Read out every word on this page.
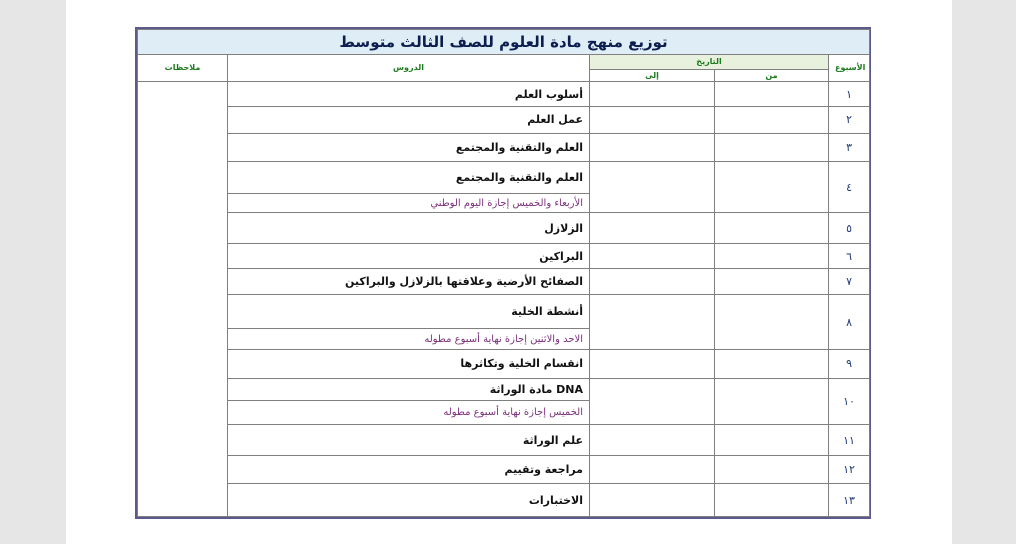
توزيع منهج مادة العلوم للصف الثالث متوسط				
ملاحظات	الدروس	التاريخ		الأسبوع
		إلى	من	
	أسلوب العلم			١
	عمل العلم			٢
	العلم والتقنية والمجتمع			٣
	العلم والتقنية والمجتمع			٤
	الأربعاء والخميس إجازة اليوم الوطني			
	الزلازل			٥
	البراكين			٦
	الصفائح الأرضية وعلاقتها بالزلازل والبراكين			٧
	أنشطة الخلية			٨
	الاحد والاثنين إجازة نهاية أسبوع مطوله			
	انقسام الخلية وتكاثرها			٩
	مادة الوراثة DNA			١٠
	الخميس إجازة نهاية أسبوع مطوله			
	علم الوراثة			١١
	مراجعة وتقييم			١٢
	الاختبارات			١٣
